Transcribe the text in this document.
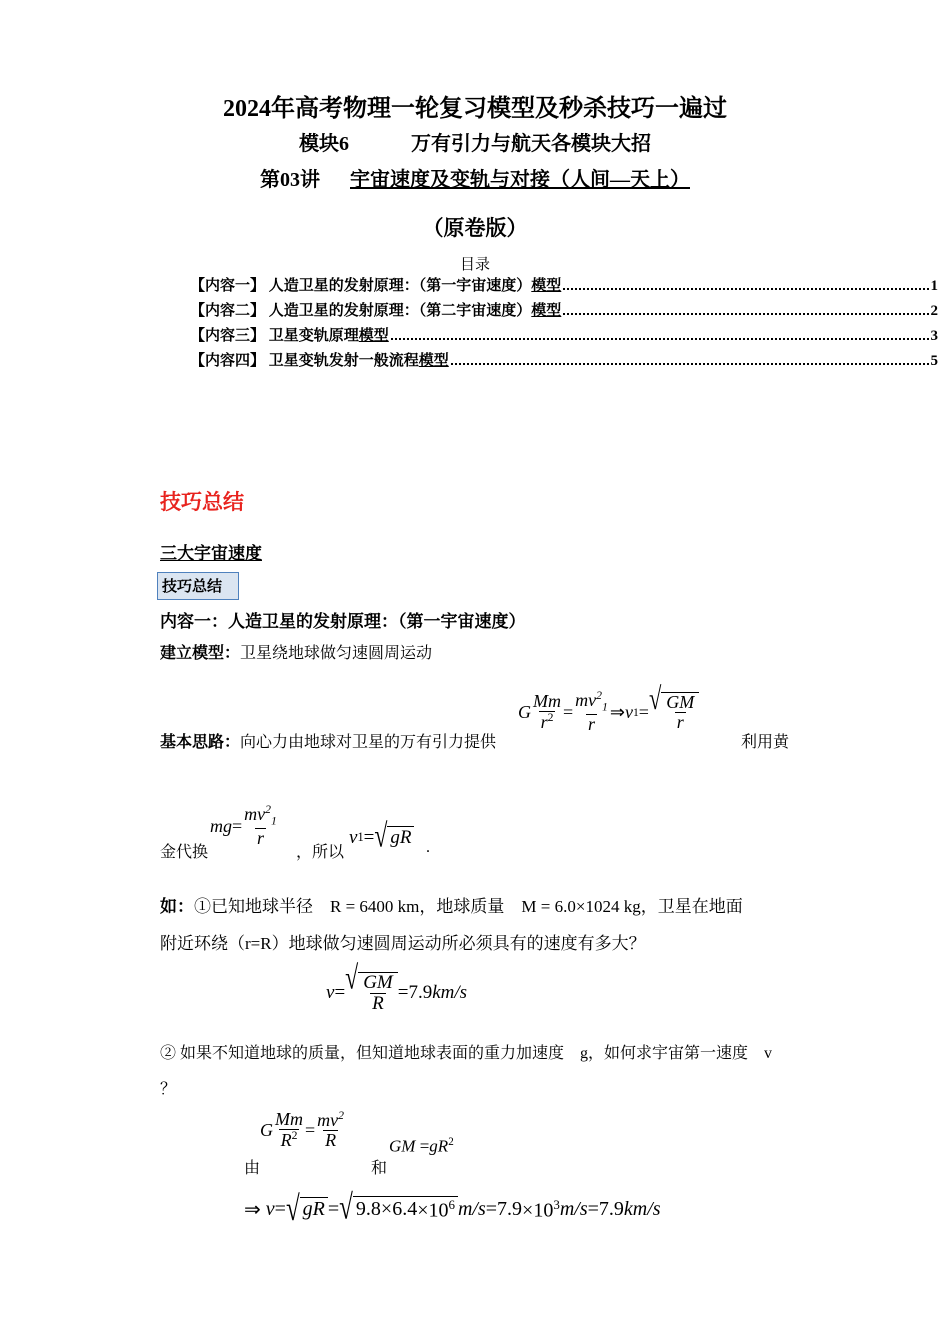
2024年高考物理一轮复习模型及秒杀技巧一遍过
模块6	万有引力与航天各模块大招
第03讲 宇宙速度及变轨与对接（人间—天上）
（原卷版）
目录
【内容一】 人造卫星的发射原理：（第一宇宙速度）模型	1
【内容二】 人造卫星的发射原理：（第二宇宙速度）模型	2
【内容三】 卫星变轨原理模型	3
【内容四】 卫星变轨发射一般流程模型	5
技巧总结
三大宇宙速度
技巧总结
内容一：人造卫星的发射原理：（第一宇宙速度）
建立模型：卫星绕地球做匀速圆周运动
基本思路：向心力由地球对卫星的万有引力提供
G $\frac{Mm}{r^2} = \frac{mv^2_1}{r}$ ⇒ v 1 = √ $\frac{GM}{r}$
利用黄
金代换
mg = $\frac{mv^2_1}{r}$
，所以
v 1 = √ gR .
如：①已知地球半径　R = 6400 km，地球质量　M = 6.0×1024 kg，卫星在地面
附近环绕（r=R）地球做匀速圆周运动所必须具有的速度有多大？
v = √ $\frac{GM}{R} = 7.9$ km/s
② 如果不知道地球的质量，但知道地球表面的重力加速度　g，如何求宇宙第一速度　v
？
由
G $\frac{Mm}{R^2} = \frac{mv^2}{R}$
和
GM $=gR^2$
⇒ v = √ gR = √ $9.8 \times 6.4 \times 10^6$ $m/s = 7.9 \times 10^3$ m/s = 7.9 km/s
